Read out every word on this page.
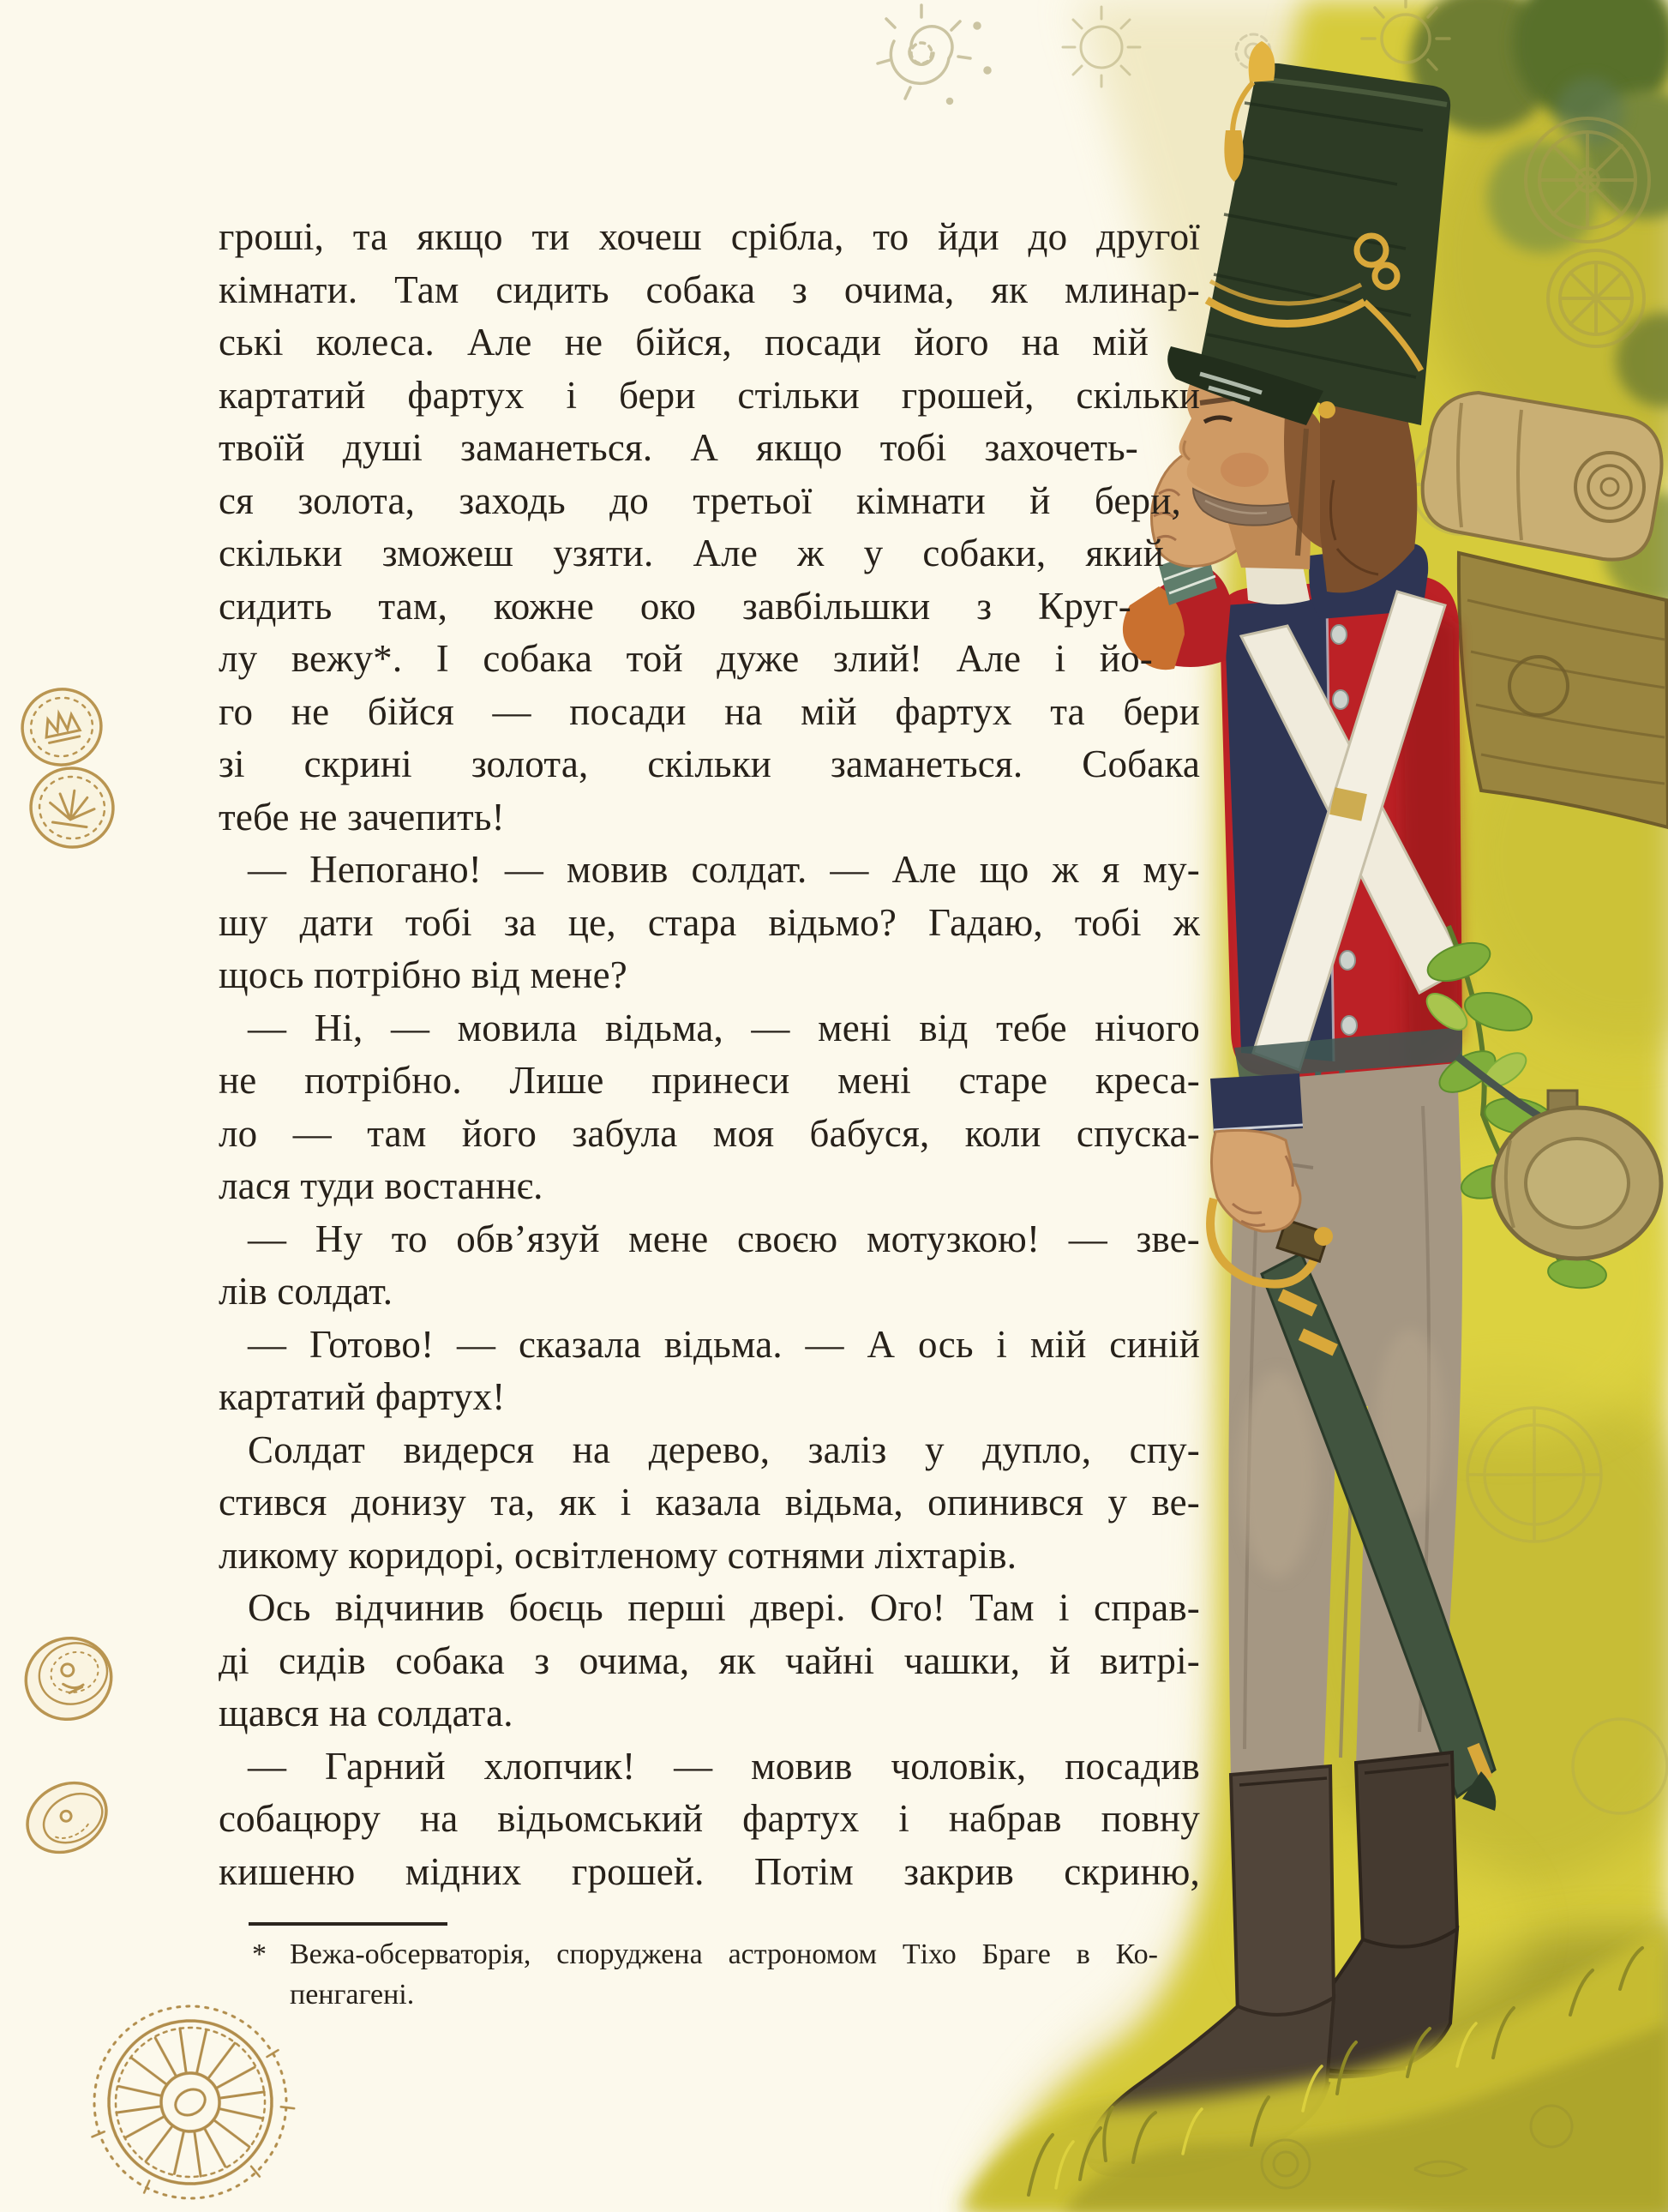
гроші, та якщо ти хочеш срібла, то йди до другої
кімнати. Там сидить собака з очима, як млинар-
ські колеса. Але не бійся, посади його на мій
картатий фартух і бери стільки грошей, скільки
твоїй душі заманеться. А якщо тобі захочеть-
ся золота, заходь до третьої кімнати й бери,
скільки зможеш узяти. Але ж у собаки, який
сидить там, кожне око завбільшки з Круг-
лу вежу*. І собака той дуже злий! Але і йо-
го не бійся — посади на мій фартух та бери
зі скрині золота, скільки заманеться. Собака
тебе не зачепить!
— Непогано! — мовив солдат. — Але що ж я му-
шу дати тобі за це, стара відьмо? Гадаю, тобі ж
щось потрібно від мене?
— Ні, — мовила відьма, — мені від тебе нічого
не потрібно. Лише принеси мені старе креса-
ло — там його забула моя бабуся, коли спуска-
лася туди востаннє.
— Ну то обв’язуй мене своєю мотузкою! — зве-
лів солдат.
— Готово! — сказала відьма. — А ось і мій синій
картатий фартух!
Солдат видерся на дерево, заліз у дупло, спу-
стився донизу та, як і казала відьма, опинився у ве-
ликому коридорі, освітленому сотнями ліхтарів.
Ось відчинив боєць перші двері. Ого! Там і справ-
ді сидів собака з очима, як чайні чашки, й витрі-
щався на солдата.
— Гарний хлопчик! — мовив чоловік, посадив
собацюру на відьомський фартух і набрав повну
кишеню мідних грошей. Потім закрив скриню,
* Вежа-обсерваторія, споруджена астрономом Тіхо Браге в Ко-
пенгагені.
